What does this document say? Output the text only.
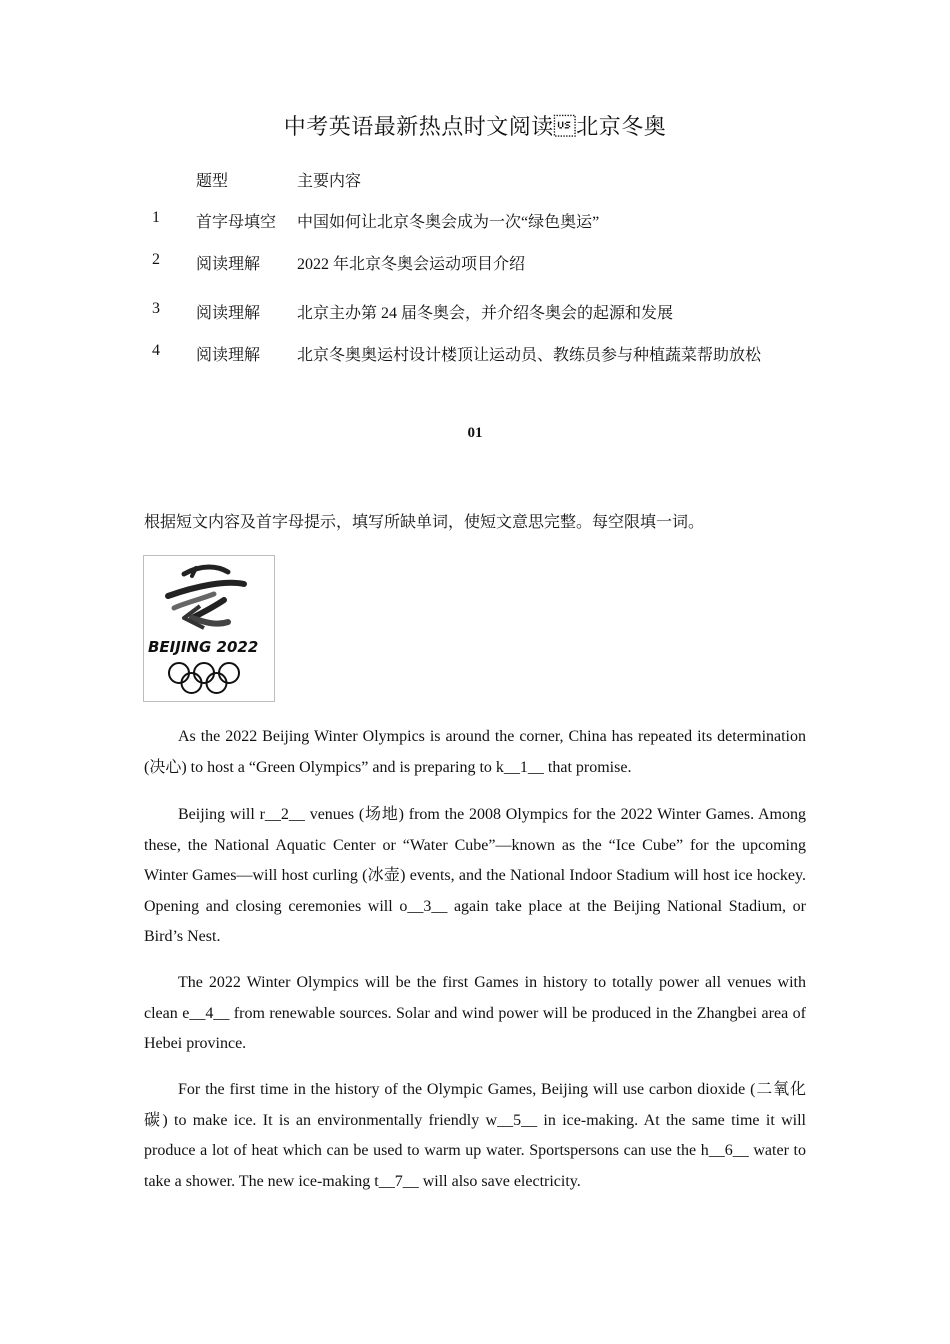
中考英语最新热点时文阅读北京冬奥
题型	主要内容
1 首字母填空 中国如何让北京冬奥会成为一次“绿色奥运”
2 阅读理解 2022 年北京冬奥会运动项目介绍
3 阅读理解 北京主办第 24 届冬奥会，并介绍冬奥会的起源和发展
4 阅读理解 北京冬奥奥运村设计楼顶让运动员、教练员参与种植蔬菜帮助放松
01
根据短文内容及首字母提示，填写所缺单词，使短文意思完整。每空限填一词。
BEIJING 2022

As the 2022 Beijing Winter Olympics is around the corner, China has repeated its determination (决心) to host a “Green Olympics” and is preparing to k__1__ that promise.

Beijing will r__2__ venues (场地) from the 2008 Olympics for the 2022 Winter Games. Among these, the National Aquatic Center or “Water Cube”—known as the “Ice Cube” for the upcoming Winter Games—will host curling (冰壶) events, and the National Indoor Stadium will host ice hockey. Opening and closing ceremonies will o__3__ again take place at the Beijing National Stadium, or Bird’s Nest.

The 2022 Winter Olympics will be the first Games in history to totally power all venues with clean e__4__ from renewable sources. Solar and wind power will be produced in the Zhangbei area of Hebei province.

For the first time in the history of the Olympic Games, Beijing will use carbon dioxide (二氧化碳) to make ice. It is an environmentally friendly w__5__ in ice-making. At the same time it will produce a lot of heat which can be used to warm up water. Sportspersons can use the h__6__ water to take a shower. The new ice-making t__7__ will also save electricity.
